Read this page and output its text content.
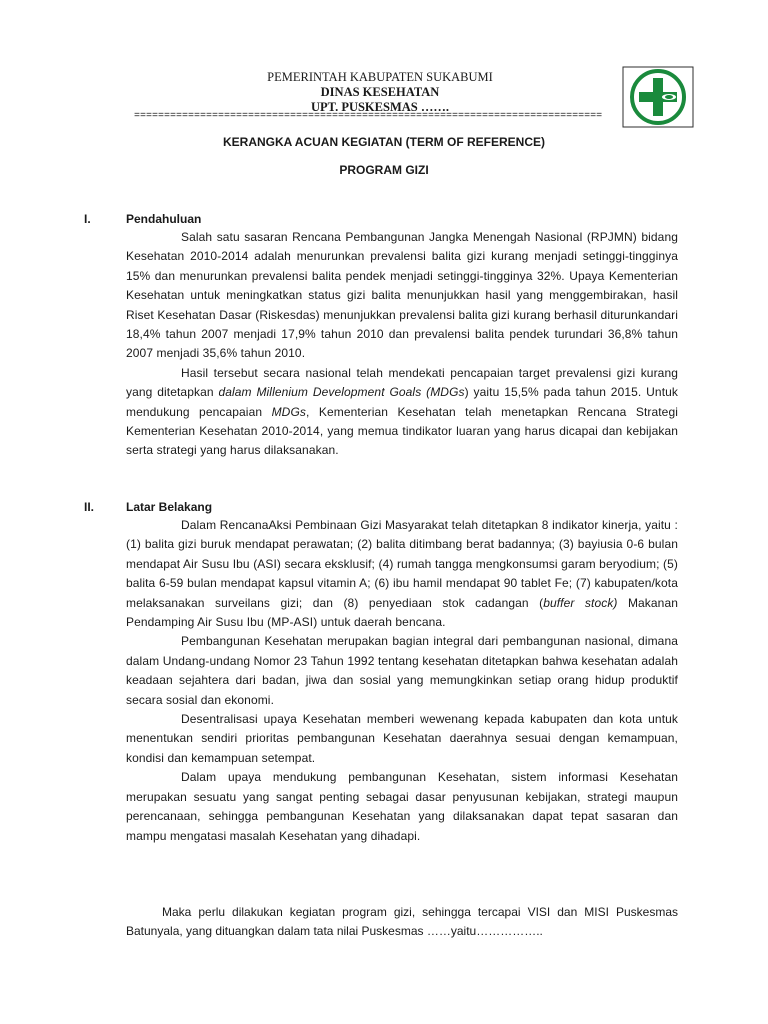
PEMERINTAH KABUPATEN SUKABUMI
DINAS KESEHATAN
UPT. PUSKESMAS …….
==============================================================================
KERANGKA ACUAN KEGIATAN (TERM OF REFERENCE)
PROGRAM GIZI
I.	Pendahuluan

Salah satu sasaran Rencana Pembangunan Jangka Menengah Nasional (RPJMN) bidang Kesehatan 2010-2014 adalah menurunkan prevalensi balita gizi kurang menjadi setinggi-tingginya 15% dan menurunkan prevalensi balita pendek menjadi setinggi-tingginya 32%. Upaya Kementerian Kesehatan untuk meningkatkan status gizi balita menunjukkan hasil yang menggembirakan, hasil Riset Kesehatan Dasar (Riskesdas) menunjukkan prevalensi balita gizi kurang berhasil diturunkandari 18,4% tahun 2007 menjadi 17,9% tahun 2010 dan prevalensi balita pendek turundari 36,8% tahun 2007 menjadi 35,6% tahun 2010.

Hasil tersebut secara nasional telah mendekati pencapaian target prevalensi gizi kurang yang ditetapkan dalam Millenium Development Goals (MDGs) yaitu 15,5% pada tahun 2015. Untuk mendukung pencapaian MDGs, Kementerian Kesehatan telah menetapkan Rencana Strategi Kementerian Kesehatan 2010-2014, yang memua tindikator luaran yang harus dicapai dan kebijakan serta strategi yang harus dilaksanakan.

II.	Latar Belakang

Dalam RencanaAksi Pembinaan Gizi Masyarakat telah ditetapkan 8 indikator kinerja, yaitu : (1) balita gizi buruk mendapat perawatan; (2) balita ditimbang berat badannya; (3) bayiusia 0-6 bulan mendapat Air Susu Ibu (ASI) secara eksklusif; (4) rumah tangga mengkonsumsi garam beryodium; (5) balita 6-59 bulan mendapat kapsul vitamin A; (6) ibu hamil mendapat 90 tablet Fe; (7) kabupaten/kota melaksanakan surveilans gizi; dan (8) penyediaan stok cadangan (buffer stock) Makanan Pendamping Air Susu Ibu (MP-ASI) untuk daerah bencana.

Pembangunan Kesehatan merupakan bagian integral dari pembangunan nasional, dimana dalam Undang-undang Nomor 23 Tahun 1992 tentang kesehatan ditetapkan bahwa kesehatan adalah keadaan sejahtera dari badan, jiwa dan sosial yang memungkinkan setiap orang hidup produktif secara sosial dan ekonomi.

Desentralisasi upaya Kesehatan memberi wewenang kepada kabupaten dan kota untuk menentukan sendiri prioritas pembangunan Kesehatan daerahnya sesuai dengan kemampuan, kondisi dan kemampuan setempat.

Dalam upaya mendukung pembangunan Kesehatan, sistem informasi Kesehatan merupakan sesuatu yang sangat penting sebagai dasar penyusunan kebijakan, strategi maupun perencanaan, sehingga pembangunan Kesehatan yang dilaksanakan dapat tepat sasaran dan mampu mengatasi masalah Kesehatan yang dihadapi.

Maka perlu dilakukan kegiatan program gizi, sehingga tercapai VISI dan MISI Puskesmas Batunyala, yang dituangkan dalam tata nilai Puskesmas ……yaitu……………..
